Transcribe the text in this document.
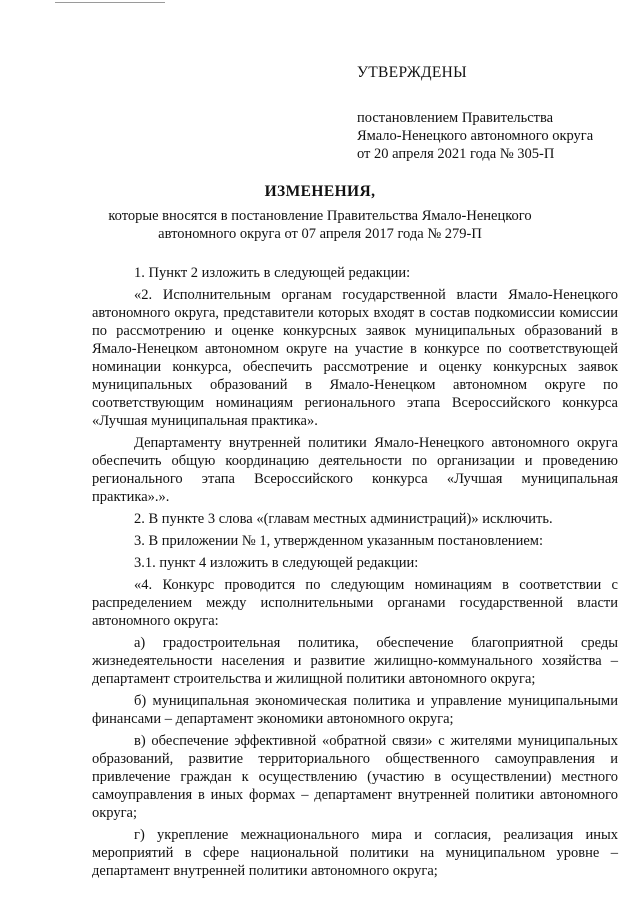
УТВЕРЖДЕНЫ
постановлением Правительства
Ямало-Ненецкого автономного округа
от 20 апреля 2021 года № 305-П
ИЗМЕНЕНИЯ,
которые вносятся в постановление Правительства Ямало-Ненецкого
автономного округа от 07 апреля 2017 года № 279-П

1. Пункт 2 изложить в следующей редакции:

«2. Исполнительным органам государственной власти Ямало-Ненецкого автономного округа, представители которых входят в состав подкомиссии комиссии по рассмотрению и оценке конкурсных заявок муниципальных образований в Ямало-Ненецком автономном округе на участие в конкурсе по соответствующей номинации конкурса, обеспечить рассмотрение и оценку конкурсных заявок муниципальных образований в Ямало-Ненецком автономном округе по соответствующим номинациям регионального этапа Всероссийского конкурса «Лучшая муниципальная практика».

Департаменту внутренней политики Ямало-Ненецкого автономного округа обеспечить общую координацию деятельности по организации и проведению регионального этапа Всероссийского конкурса «Лучшая муниципальная практика».».

2. В пункте 3 слова «(главам местных администраций)» исключить.

3. В приложении № 1, утвержденном указанным постановлением:

3.1. пункт 4 изложить в следующей редакции:

«4. Конкурс проводится по следующим номинациям в соответствии с распределением между исполнительными органами государственной власти автономного округа:

а) градостроительная политика, обеспечение благоприятной среды жизнедеятельности населения и развитие жилищно-коммунального хозяйства – департамент строительства и жилищной политики автономного округа;

б) муниципальная экономическая политика и управление муниципальными финансами – департамент экономики автономного округа;

в) обеспечение эффективной «обратной связи» с жителями муниципальных образований, развитие территориального общественного самоуправления и привлечение граждан к осуществлению (участию в осуществлении) местного самоуправления в иных формах – департамент внутренней политики автономного округа;

г) укрепление межнационального мира и согласия, реализация иных мероприятий в сфере национальной политики на муниципальном уровне – департамент внутренней политики автономного округа;
